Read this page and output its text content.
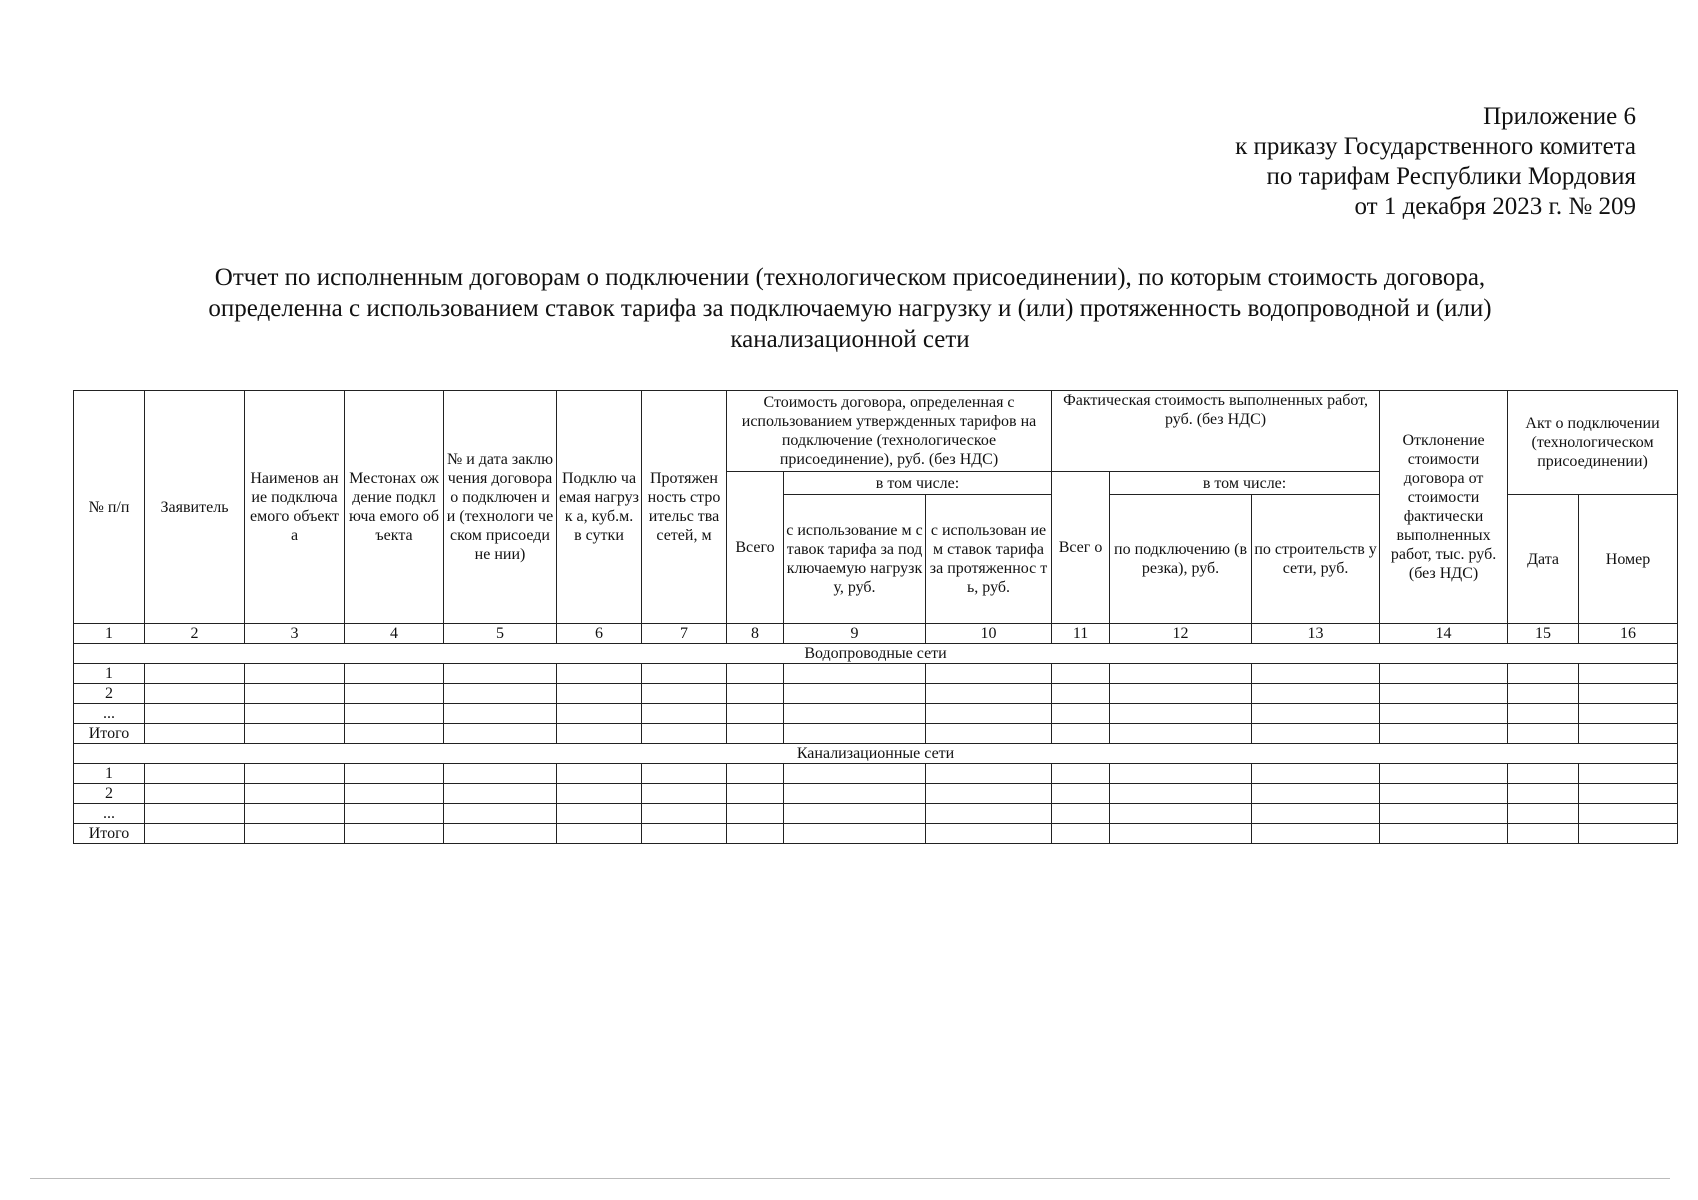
Приложение 6
к приказу Государственного комитета
по тарифам Республики Мордовия
от 1 декабря 2023 г. № 209
Отчет по исполненным договорам о подключении (технологическом присоединении), по которым стоимость договора,
определенна с использованием ставок тарифа за подключаемую нагрузку и (или) протяженность водопроводной и (или)
канализационной сети
№ п/п	Заявитель	Наименов ание подключа емого объекта	Местонах ождение подключа емого объекта	№ и дата заключения договора о подключен ии (технологи ческом присоедине нии)	Подклю чаемая нагрузк а, куб.м. в сутки	Протяжен ность строительс тва сетей, м	Стоимость договора, определенная с использованием утвержденных тарифов на подключение (технологическое присоединение), руб. (без НДС)			Фактическая стоимость выполненных работ, руб. (без НДС)			Отклонение стоимости договора от стоимости фактически выполненных работ, тыс. руб. (без НДС)	Акт о подключении (технологическом присоединении)	
							Всего	в том числе:		Всег о	в том числе:				
								с использование м ставок тарифа за подключаемую нагрузку, руб.	с использован ием ставок тарифа за протяженнос ть, руб.		по подключению (врезка), руб.	по строительств у сети, руб.		Дата	Номер
1	2	3	4	5	6	7	8	9	10	11	12	13	14	15	16
Водопроводные сети															
1															
2															
...															
Итого															
Канализационные сети															
1															
2															
...															
Итого															
